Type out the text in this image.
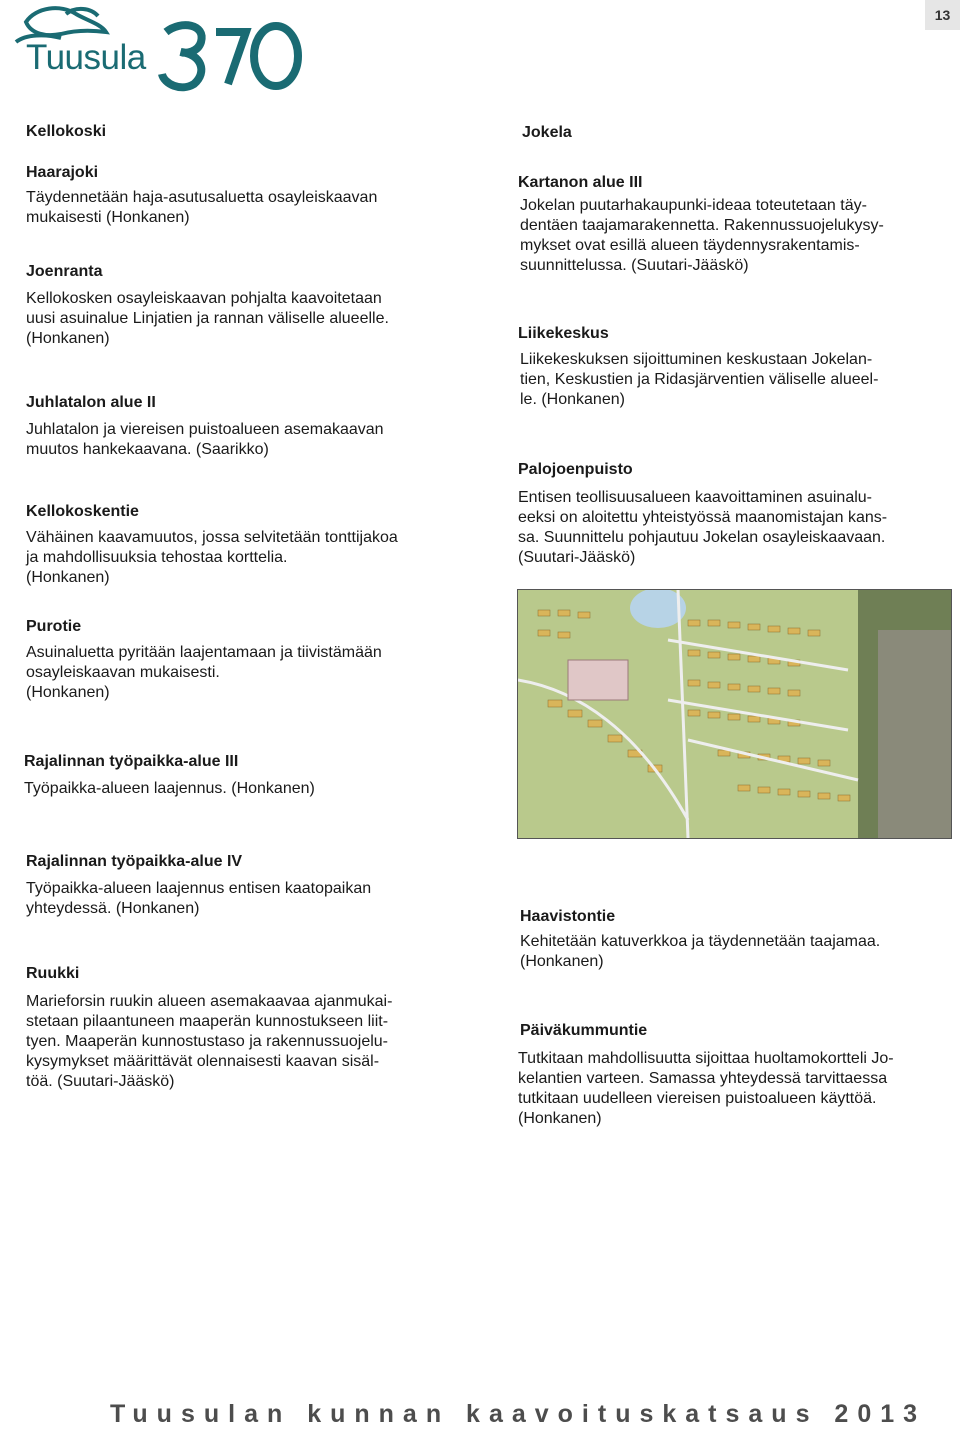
13
Tuusula
Kellokoski
Haarajoki
Täydennetään haja-asutusaluetta osayleiskaavan
mukaisesti (Honkanen)
Joenranta
Kellokosken osayleiskaavan pohjalta kaavoitetaan
uusi asuinalue Linjatien ja rannan väliselle alueelle.
(Honkanen)
Juhlatalon alue II
Juhlatalon ja viereisen puistoalueen asemakaavan
muutos hankekaavana. (Saarikko)
Kellokoskentie
Vähäinen kaavamuutos, jossa selvitetään tonttijakoa
ja mahdollisuuksia tehostaa korttelia.
(Honkanen)
Purotie
Asuinaluetta pyritään laajentamaan ja tiivistämään
osayleiskaavan mukaisesti.
(Honkanen)
Rajalinnan työpaikka-alue III
Työpaikka-alueen laajennus. (Honkanen)
Rajalinnan työpaikka-alue IV
Työpaikka-alueen laajennus entisen kaatopaikan
yhteydessä. (Honkanen)
Ruukki
Marieforsin ruukin alueen asemakaavaa ajanmukai-
stetaan pilaantuneen maaperän kunnostukseen liit-
tyen. Maaperän kunnostustaso ja rakennussuojelu-
kysymykset määrittävät olennaisesti kaavan sisäl-
töä. (Suutari-Jääskö)
Jokela
Kartanon alue III
Jokelan puutarhakaupunki-ideaa toteutetaan täy-
dentäen taajamarakennetta. Rakennussuojelukysy-
mykset ovat esillä alueen täydennysrakentamis-
suunnittelussa. (Suutari-Jääskö)
Liikekeskus
Liikekeskuksen sijoittuminen keskustaan Jokelan-
tien, Keskustien ja Ridasjärventien väliselle alueel-
le. (Honkanen)
Palojoenpuisto
Entisen teollisuusalueen kaavoittaminen asuinalu-
eeksi on aloitettu yhteistyössä maanomistajan kans-
sa. Suunnittelu pohjautuu Jokelan osayleiskaavaan.
(Suutari-Jääskö)
Haavistontie
Kehitetään katuverkkoa ja täydennetään taajamaa.
(Honkanen)
Päiväkummuntie
Tutkitaan mahdollisuutta sijoittaa huoltamokortteli Jo-
kelantien varteen. Samassa yhteydessä tarvittaessa
tutkitaan uudelleen viereisen puistoalueen käyttöä.
(Honkanen)
Tuusulan kunnan kaavoituskatsaus 2013
